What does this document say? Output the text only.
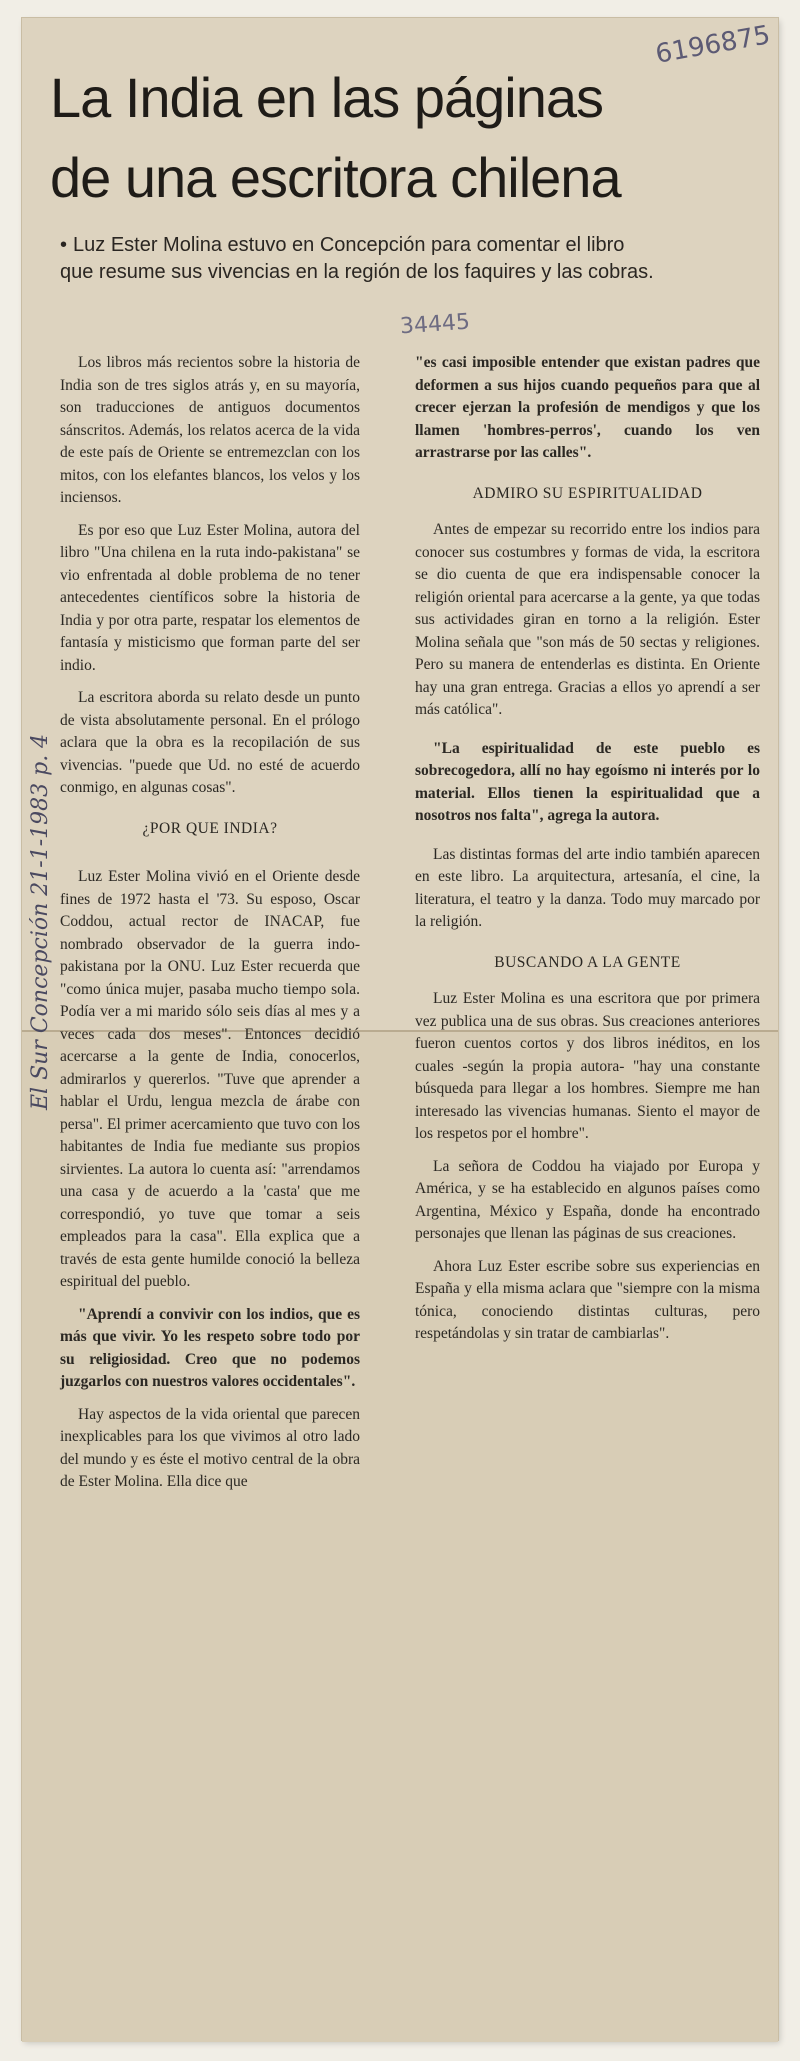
6196875
La India en las páginas
de una escritora chilena
• Luz Ester Molina estuvo en Concepción para comentar el libro que resume sus vivencias en la región de los faquires y las cobras.
34445
El Sur Concepción 21-1-1983 p. 4

Los libros más recientos sobre la historia de India son de tres siglos atrás y, en su mayoría, son traducciones de antiguos documentos sánscritos. Además, los relatos acerca de la vida de este país de Oriente se entremezclan con los mitos, con los elefantes blancos, los velos y los inciensos.

Es por eso que Luz Ester Molina, autora del libro "Una chilena en la ruta indo-pakistana" se vio enfrentada al doble problema de no tener antecedentes científicos sobre la historia de India y por otra parte, respatar los elementos de fantasía y misticismo que forman parte del ser indio.

La escritora aborda su relato desde un punto de vista absolutamente personal. En el prólogo aclara que la obra es la recopilación de sus vivencias. "puede que Ud. no esté de acuerdo conmigo, en algunas cosas".

¿POR QUE INDIA?

Luz Ester Molina vivió en el Oriente desde fines de 1972 hasta el '73. Su esposo, Oscar Coddou, actual rector de INACAP, fue nombrado observador de la guerra indo-pakistana por la ONU. Luz Ester recuerda que "como única mujer, pasaba mucho tiempo sola. Podía ver a mi marido sólo seis días al mes y a veces cada dos meses". Entonces decidió acercarse a la gente de India, conocerlos, admirarlos y quererlos. "Tuve que aprender a hablar el Urdu, lengua mezcla de árabe con persa". El primer acercamiento que tuvo con los habitantes de India fue mediante sus propios sirvientes. La autora lo cuenta así: "arrendamos una casa y de acuerdo a la 'casta' que me correspondió, yo tuve que tomar a seis empleados para la casa". Ella explica que a través de esta gente humilde conoció la belleza espiritual del pueblo.

"Aprendí a convivir con los indios, que es más que vivir. Yo les respeto sobre todo por su religiosidad. Creo que no podemos juzgarlos con nuestros valores occidentales".

Hay aspectos de la vida oriental que parecen inexplicables para los que vivimos al otro lado del mundo y es éste el motivo central de la obra de Ester Molina. Ella dice que

"es casi imposible entender que existan padres que deformen a sus hijos cuando pequeños para que al crecer ejerzan la profesión de mendigos y que los llamen 'hombres-perros', cuando los ven arrastrarse por las calles".

ADMIRO SU ESPIRITUALIDAD

Antes de empezar su recorrido entre los indios para conocer sus costumbres y formas de vida, la escritora se dio cuenta de que era indispensable conocer la religión oriental para acercarse a la gente, ya que todas sus actividades giran en torno a la religión. Ester Molina señala que "son más de 50 sectas y religiones. Pero su manera de entenderlas es distinta. En Oriente hay una gran entrega. Gracias a ellos yo aprendí a ser más católica".

"La espiritualidad de este pueblo es sobrecogedora, allí no hay egoísmo ni interés por lo material. Ellos tienen la espiritualidad que a nosotros nos falta", agrega la autora.

Las distintas formas del arte indio también aparecen en este libro. La arquitectura, artesanía, el cine, la literatura, el teatro y la danza. Todo muy marcado por la religión.

BUSCANDO A LA GENTE

Luz Ester Molina es una escritora que por primera vez publica una de sus obras. Sus creaciones anteriores fueron cuentos cortos y dos libros inéditos, en los cuales -según la propia autora- "hay una constante búsqueda para llegar a los hombres. Siempre me han interesado las vivencias humanas. Siento el mayor de los respetos por el hombre".

La señora de Coddou ha viajado por Europa y América, y se ha establecido en algunos países como Argentina, México y España, donde ha encontrado personajes que llenan las páginas de sus creaciones.

Ahora Luz Ester escribe sobre sus experiencias en España y ella misma aclara que "siempre con la misma tónica, conociendo distintas culturas, pero respetándolas y sin tratar de cambiarlas".
